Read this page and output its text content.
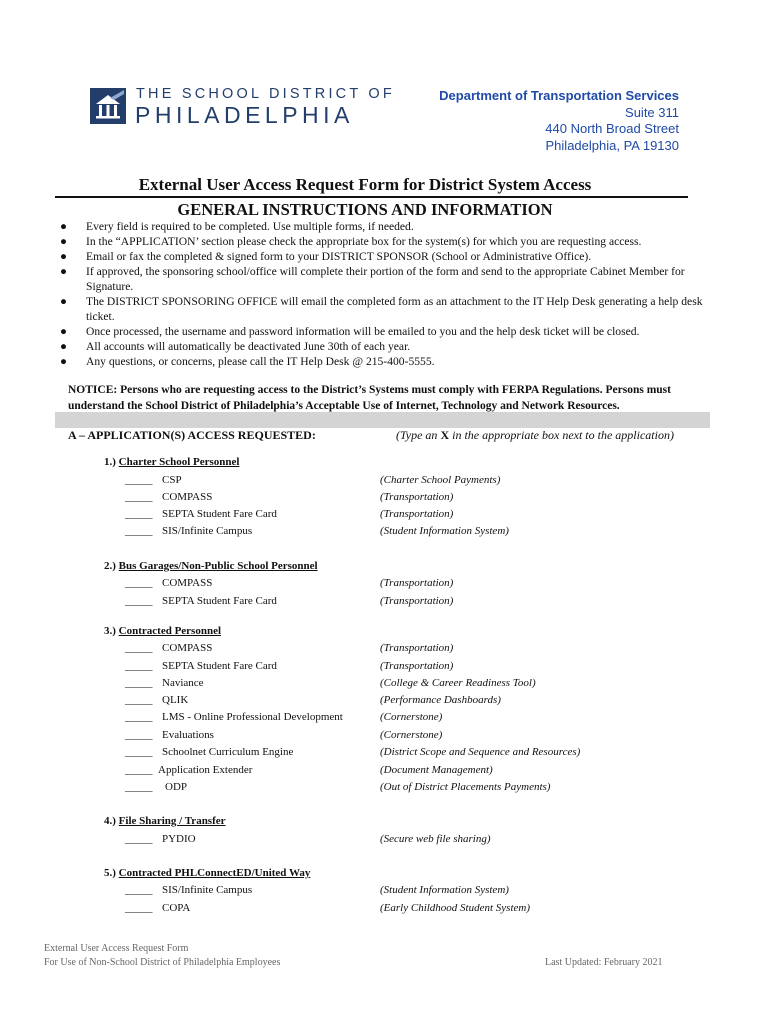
THE SCHOOL DISTRICT OF
PHILADELPHIA
Department of Transportation Services
Suite 311
440 North Broad Street
Philadelphia, PA 19130
External User Access Request Form for District System Access
GENERAL INSTRUCTIONS AND INFORMATION
● Every field is required to be completed. Use multiple forms, if needed.
● In the “APPLICATION’ section please check the appropriate box for the system(s) for which you are requesting access.
● Email or fax the completed & signed form to your DISTRICT SPONSOR (School or Administrative Office).
● If approved, the sponsoring school/office will complete their portion of the form and send to the appropriate Cabinet Member for Signature.
● The DISTRICT SPONSORING OFFICE will email the completed form as an attachment to the IT Help Desk generating a help desk ticket.
● Once processed, the username and password information will be emailed to you and the help desk ticket will be closed.
● All accounts will automatically be deactivated June 30th of each year.
● Any questions, or concerns, please call the IT Help Desk @ 215-400-5555.
NOTICE: Persons who are requesting access to the District’s Systems must comply with FERPA Regulations. Persons must understand the School District of Philadelphia’s Acceptable Use of Internet, Technology and Network Resources.
A – APPLICATION(S) ACCESS REQUESTED:	(Type an X in the appropriate box next to the application)
1.) Charter School Personnel
_____ CSP	(Charter School Payments)
_____ COMPASS	(Transportation)
_____ SEPTA Student Fare Card	(Transportation)
_____ SIS/Infinite Campus	(Student Information System)
2.) Bus Garages/Non-Public School Personnel
_____ COMPASS	(Transportation)
_____ SEPTA Student Fare Card	(Transportation)
3.) Contracted Personnel
_____ COMPASS	(Transportation)
_____ SEPTA Student Fare Card	(Transportation)
_____ Naviance	(College & Career Readiness Tool)
_____ QLIK	(Performance Dashboards)
_____ LMS - Online Professional Development	(Cornerstone)
_____ Evaluations	(Cornerstone)
_____ Schoolnet Curriculum Engine	(District Scope and Sequence and Resources)
_____ Application Extender	(Document Management)
_____ ODP	(Out of District Placements Payments)
4.) File Sharing / Transfer
_____ PYDIO	(Secure web file sharing)
5.) Contracted PHLConnectED/United Way
_____ SIS/Infinite Campus	(Student Information System)
_____ COPA	(Early Childhood Student System)
External User Access Request Form
For Use of Non-School District of Philadelphia Employees	Last Updated: February 2021
